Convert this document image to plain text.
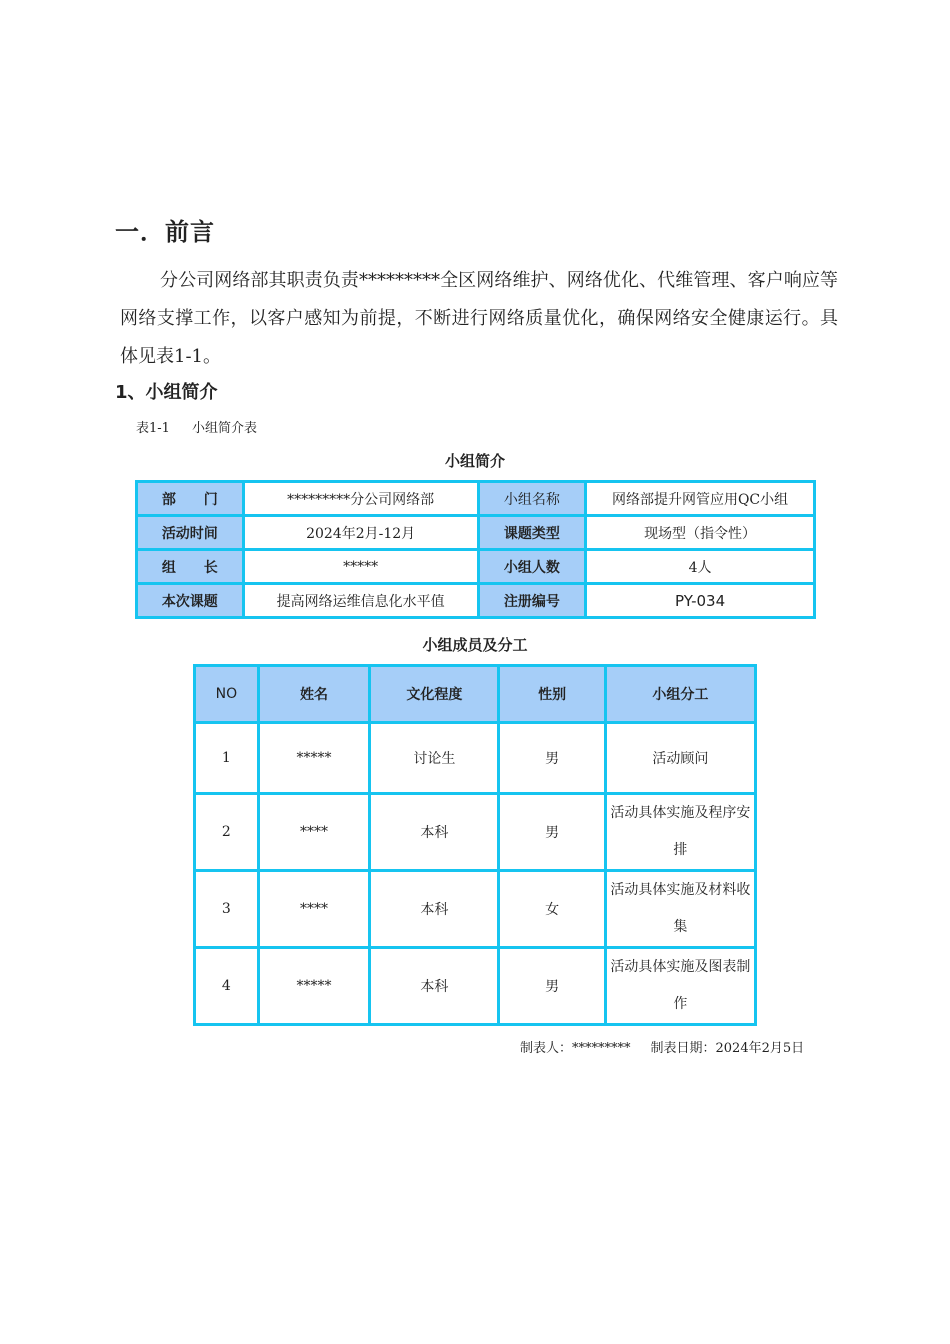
一．前言

分公司网络部其职责负责*********全区网络维护、网络优化、代维管理、客户响应等网络支撑工作，以客户感知为前提，不断进行网络质量优化，确保网络安全健康运行。具体见表1-1。

1、小组简介
表1-1 小组简介表
小组简介
部　　门	*********分公司网络部	小组名称	网络部提升网管应用QC小组
活动时间	2024年2月-12月	课题类型	现场型（指令性）
组　　长	*****	小组人数	4人
本次课题	提高网络运维信息化水平值	注册编号	PY-034
小组成员及分工
NO	姓名	文化程度	性别	小组分工
1	*****	讨论生	男	活动顾问
2	****	本科	男	活动具体实施及程序安排
3	****	本科	女	活动具体实施及材料收集
4	*****	本科	男	活动具体实施及图表制作
制表人：********* 制表日期：2024年2月5日
